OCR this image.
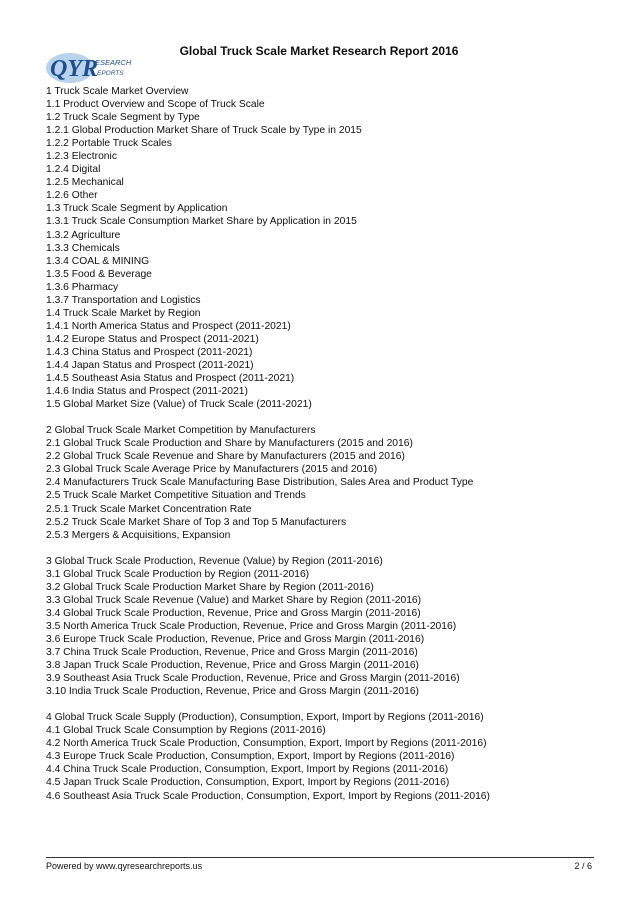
QYR
ESEARCH
EPORTS
Global Truck Scale Market Research Report 2016
1 Truck Scale Market Overview
1.1 Product Overview and Scope of Truck Scale
1.2 Truck Scale Segment by Type
1.2.1 Global Production Market Share of Truck Scale by Type in 2015
1.2.2 Portable Truck Scales
1.2.3 Electronic
1.2.4 Digital
1.2.5 Mechanical
1.2.6 Other
1.3 Truck Scale Segment by Application
1.3.1 Truck Scale Consumption Market Share by Application in 2015
1.3.2 Agriculture
1.3.3 Chemicals
1.3.4 COAL & MINING
1.3.5 Food & Beverage
1.3.6 Pharmacy
1.3.7 Transportation and Logistics
1.4 Truck Scale Market by Region
1.4.1 North America Status and Prospect (2011-2021)
1.4.2 Europe Status and Prospect (2011-2021)
1.4.3 China Status and Prospect (2011-2021)
1.4.4 Japan Status and Prospect (2011-2021)
1.4.5 Southeast Asia Status and Prospect (2011-2021)
1.4.6 India Status and Prospect (2011-2021)
1.5 Global Market Size (Value) of Truck Scale (2011-2021)
2 Global Truck Scale Market Competition by Manufacturers
2.1 Global Truck Scale Production and Share by Manufacturers (2015 and 2016)
2.2 Global Truck Scale Revenue and Share by Manufacturers (2015 and 2016)
2.3 Global Truck Scale Average Price by Manufacturers (2015 and 2016)
2.4 Manufacturers Truck Scale Manufacturing Base Distribution, Sales Area and Product Type
2.5 Truck Scale Market Competitive Situation and Trends
2.5.1 Truck Scale Market Concentration Rate
2.5.2 Truck Scale Market Share of Top 3 and Top 5 Manufacturers
2.5.3 Mergers & Acquisitions, Expansion
3 Global Truck Scale Production, Revenue (Value) by Region (2011-2016)
3.1 Global Truck Scale Production by Region (2011-2016)
3.2 Global Truck Scale Production Market Share by Region (2011-2016)
3.3 Global Truck Scale Revenue (Value) and Market Share by Region (2011-2016)
3.4 Global Truck Scale Production, Revenue, Price and Gross Margin (2011-2016)
3.5 North America Truck Scale Production, Revenue, Price and Gross Margin (2011-2016)
3.6 Europe Truck Scale Production, Revenue, Price and Gross Margin (2011-2016)
3.7 China Truck Scale Production, Revenue, Price and Gross Margin (2011-2016)
3.8 Japan Truck Scale Production, Revenue, Price and Gross Margin (2011-2016)
3.9 Southeast Asia Truck Scale Production, Revenue, Price and Gross Margin (2011-2016)
3.10 India Truck Scale Production, Revenue, Price and Gross Margin (2011-2016)
4 Global Truck Scale Supply (Production), Consumption, Export, Import by Regions (2011-2016)
4.1 Global Truck Scale Consumption by Regions (2011-2016)
4.2 North America Truck Scale Production, Consumption, Export, Import by Regions (2011-2016)
4.3 Europe Truck Scale Production, Consumption, Export, Import by Regions (2011-2016)
4.4 China Truck Scale Production, Consumption, Export, Import by Regions (2011-2016)
4.5 Japan Truck Scale Production, Consumption, Export, Import by Regions (2011-2016)
4.6 Southeast Asia Truck Scale Production, Consumption, Export, Import by Regions (2011-2016)
Powered by www.qyresearchreports.us	2 / 6
